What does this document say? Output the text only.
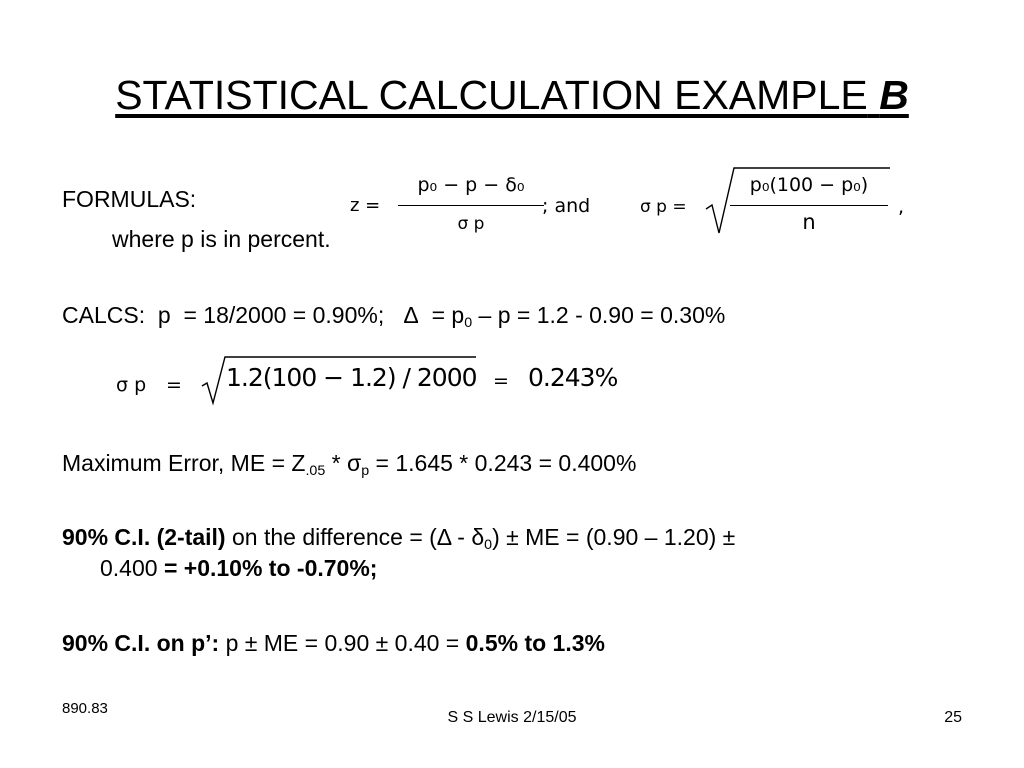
STATISTICAL CALCULATION EXAMPLE B
FORMULAS:
where p is in percent.
z =
p₀ − p − δ₀
σ p
; and	σ p =
p₀(100 − p₀)
n
,
CALCS: p = 18/2000 = 0.90%; $\Delta = p_0 - p = 1.2 - 0.90 = 0.30\%$
σ p = 1.2(100 − 1.2) / 2000 = 0.243%
Maximum Error, ME = $Z_{.05} * \sigma_p = 1.645 * 0.243 = 0.400\%$
90% C.I. (2-tail) on the difference = $(\Delta - \delta_0)$ ± ME = (0.90 – 1.20) ±
0.400 = +0.10% to -0.70%;
90% C.I. on p’: p ± ME = 0.90 ± 0.40 = 0.5% to 1.3%
890.83
S S Lewis 2/15/05	25
